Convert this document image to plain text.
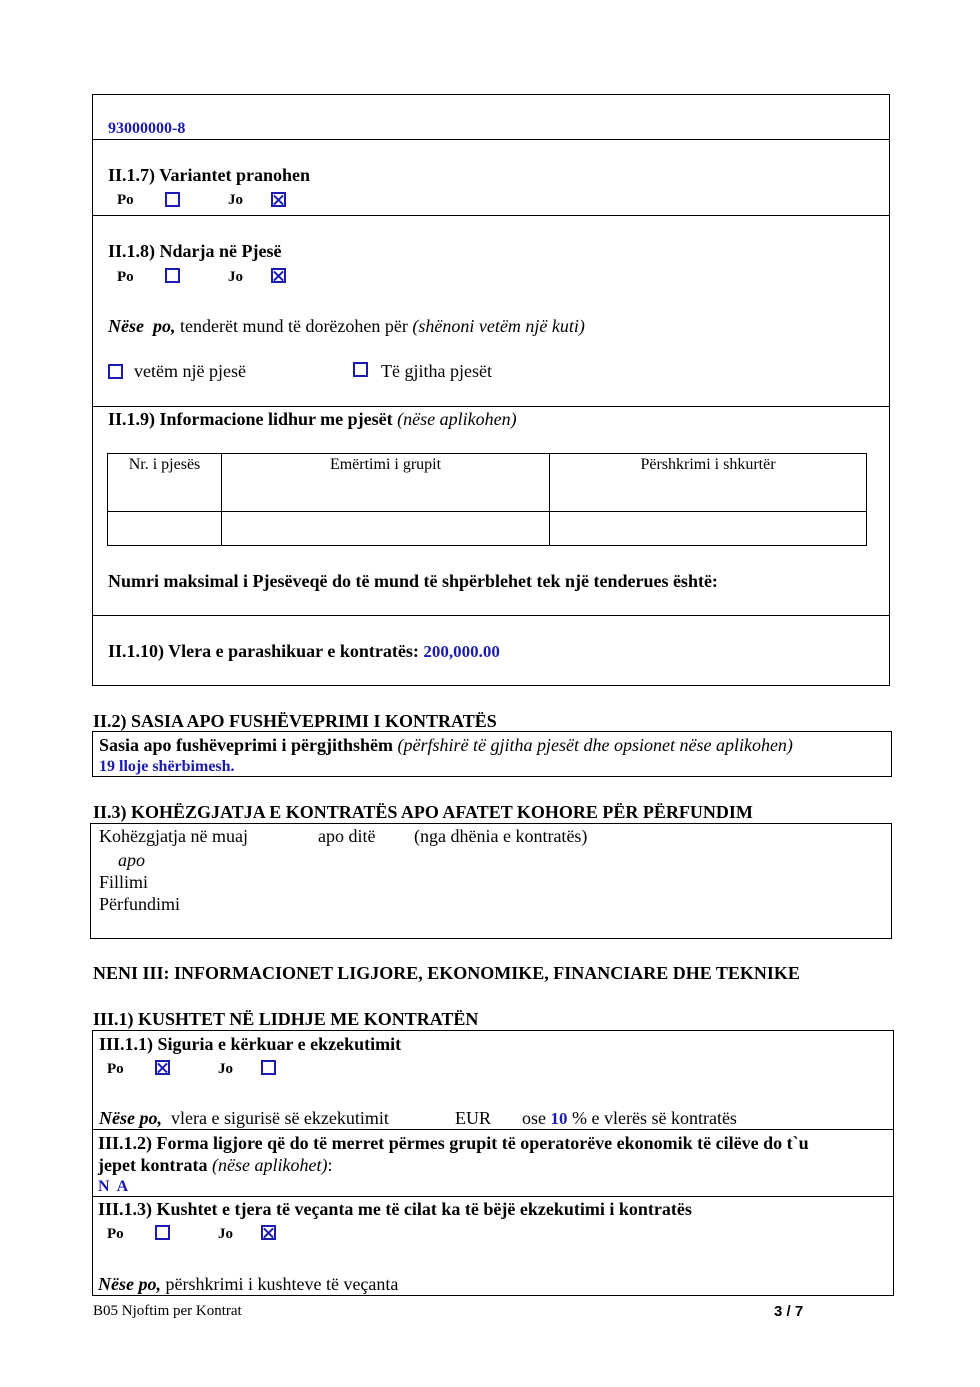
93000000-8
II.1.7) Variantet pranohen
Po	Jo
II.1.8) Ndarja në Pjesë
Po	Jo
Nëse  po, tenderët mund të dorëzohen për (shënoni vetëm një kuti)
vetëm një pjesë	Të gjitha pjesët
II.1.9) Informacione lidhur me pjesët (nëse aplikohen)
Nr. i pjesës	Emërtimi i grupit	Përshkrimi i shkurtër
Numri maksimal i Pjesëveqë do të mund të shpërblehet tek një tenderues është:
II.1.10) Vlera e parashikuar e kontratës: 200,000.00
II.2) SASIA APO FUSHËVEPRIMI I KONTRATËS
Sasia apo fushëveprimi i përgjithshëm (përfshirë të gjitha pjesët dhe opsionet nëse aplikohen)
19 lloje shërbimesh.
II.3) KOHËZGJATJA E KONTRATËS APO AFATET KOHORE PËR PËRFUNDIM
Kohëzgjatja në muaj	apo ditë (nga dhënia e kontratës)
apo
Fillimi
Përfundimi
NENI III: INFORMACIONET LIGJORE, EKONOMIKE, FINANCIARE DHE TEKNIKE
III.1) KUSHTET NË LIDHJE ME KONTRATËN
III.1.1) Siguria e kërkuar e ekzekutimit
Po	Jo
Nëse po,  vlera e sigurisë së ekzekutimit	EUR ose 10 % e vlerës së kontratës
III.1.2) Forma ligjore që do të merret përmes grupit të operatorëve ekonomik të cilëve do t`u
jepet kontrata (nëse aplikohet):
N  A
III.1.3) Kushtet e tjera të veçanta me të cilat ka të bëjë ekzekutimi i kontratës
Po	Jo
Nëse po, përshkrimi i kushteve të veçanta
B05 Njoftim per Kontrat	3 / 7
